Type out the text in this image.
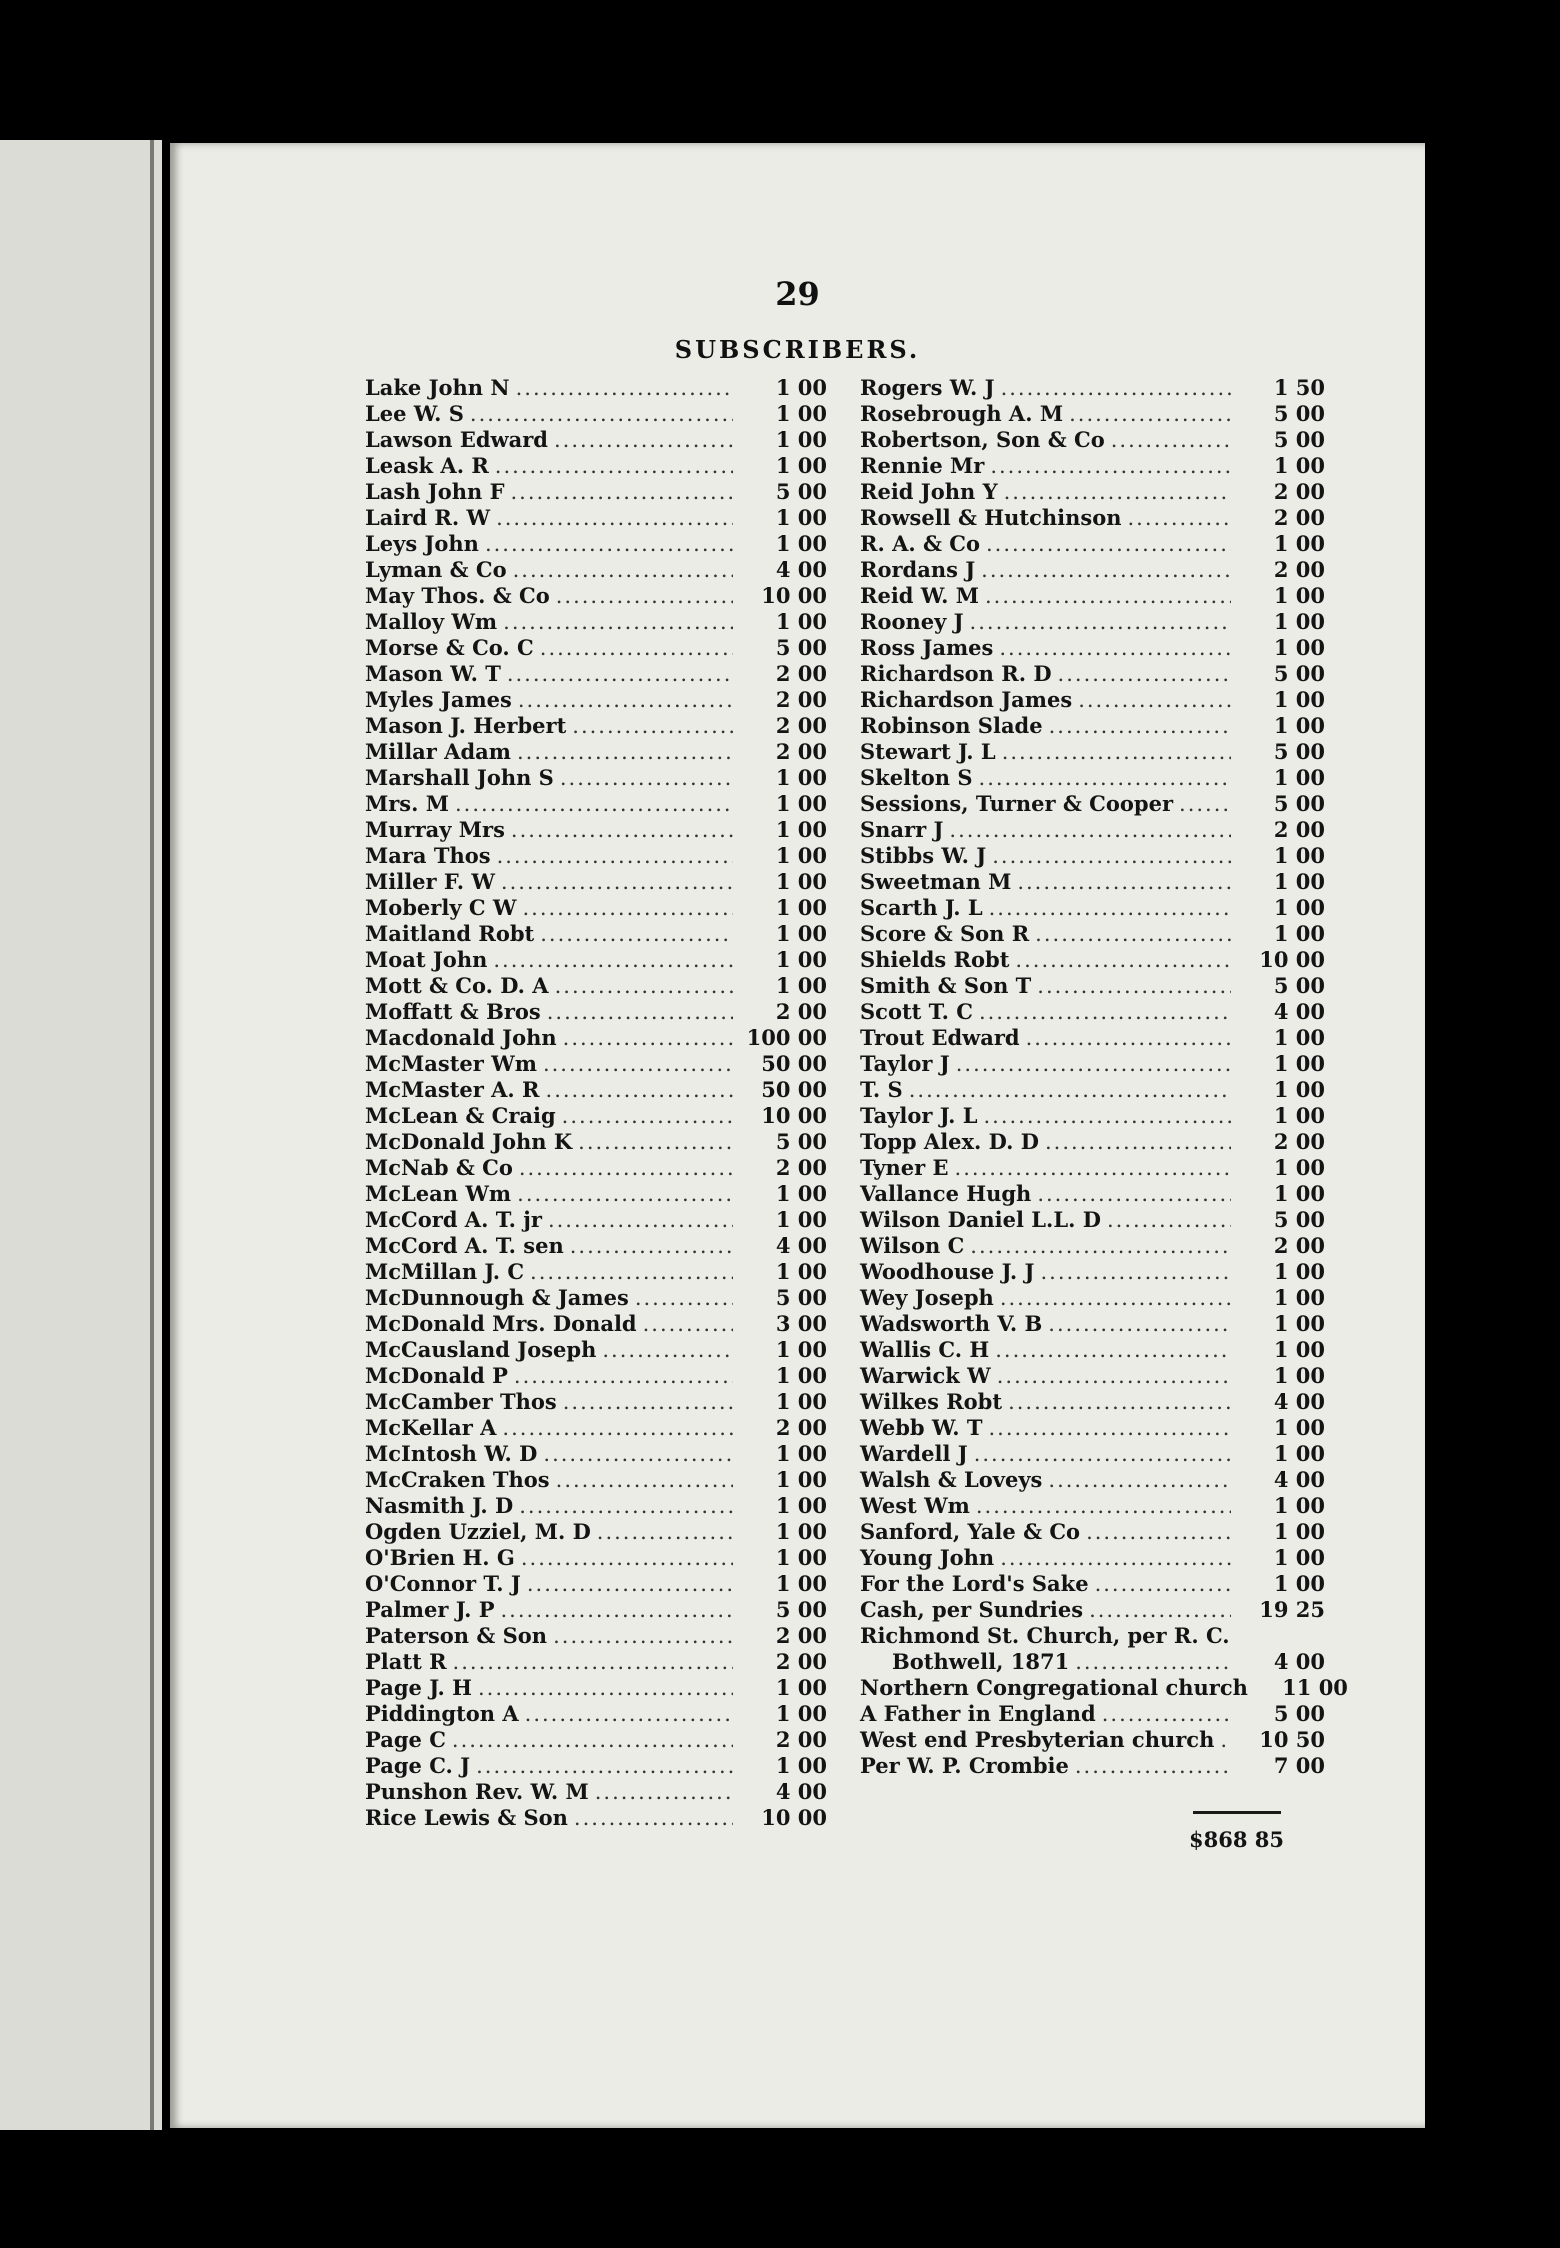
29
SUBSCRIBERS.
Lake John N .....	1 00
Lee W. S .....	1 00
Lawson Edward .....	1 00
Leask A. R .....	1 00
Lash John F .....	5 00
Laird R. W .....	1 00
Leys John .....	1 00
Lyman & Co .....	4 00
May Thos. & Co .....	10 00
Malloy Wm .....	1 00
Morse & Co. C .....	5 00
Mason W. T .....	2 00
Myles James .....	2 00
Mason J. Herbert .....	2 00
Millar Adam .....	2 00
Marshall John S .....	1 00
Mrs. M .....	1 00
Murray Mrs .....	1 00
Mara Thos .....	1 00
Miller F. W .....	1 00
Moberly C W .....	1 00
Maitland Robt .....	1 00
Moat John .....	1 00
Mott & Co. D. A .....	1 00
Moffatt & Bros .....	2 00
Macdonald John .....	100 00
McMaster Wm .....	50 00
McMaster A. R .....	50 00
McLean & Craig .....	10 00
McDonald John K .....	5 00
McNab & Co .....	2 00
McLean Wm .....	1 00
McCord A. T. jr .....	1 00
McCord A. T. sen .....	4 00
McMillan J. C .....	1 00
McDunnough & James .....	5 00
McDonald Mrs. Donald .....	3 00
McCausland Joseph .....	1 00
McDonald P .....	1 00
McCamber Thos .....	1 00
McKellar A .....	2 00
McIntosh W. D .....	1 00
McCraken Thos .....	1 00
Nasmith J. D .....	1 00
Ogden Uzziel, M. D .....	1 00
O'Brien H. G .....	1 00
O'Connor T. J .....	1 00
Palmer J. P .....	5 00
Paterson & Son .....	2 00
Platt R .....	2 00
Page J. H .....	1 00
Piddington A .....	1 00
Page C .....	2 00
Page C. J .....	1 00
Punshon Rev. W. M .....	4 00
Rice Lewis & Son .....	10 00
Rogers W. J .....	1 50
Rosebrough A. M .....	5 00
Robertson, Son & Co .....	5 00
Rennie Mr .....	1 00
Reid John Y .....	2 00
Rowsell & Hutchinson .....	2 00
R. A. & Co .....	1 00
Rordans J .....	2 00
Reid W. M .....	1 00
Rooney J .....	1 00
Ross James .....	1 00
Richardson R. D .....	5 00
Richardson James .....	1 00
Robinson Slade .....	1 00
Stewart J. L .....	5 00
Skelton S .....	1 00
Sessions, Turner & Cooper .....	5 00
Snarr J .....	2 00
Stibbs W. J .....	1 00
Sweetman M .....	1 00
Scarth J. L .....	1 00
Score & Son R .....	1 00
Shields Robt .....	10 00
Smith & Son T .....	5 00
Scott T. C .....	4 00
Trout Edward .....	1 00
Taylor J .....	1 00
T. S .....	1 00
Taylor J. L .....	1 00
Topp Alex. D. D .....	2 00
Tyner E .....	1 00
Vallance Hugh .....	1 00
Wilson Daniel L.L. D .....	5 00
Wilson C .....	2 00
Woodhouse J. J .....	1 00
Wey Joseph .....	1 00
Wadsworth V. B .....	1 00
Wallis C. H .....	1 00
Warwick W .....	1 00
Wilkes Robt .....	4 00
Webb W. T .....	1 00
Wardell J .....	1 00
Walsh & Loveys .....	4 00
West Wm .....	1 00
Sanford, Yale & Co .....	1 00
Young John .....	1 00
For the Lord's Sake .....	1 00
Cash, per Sundries .....	19 25
Richmond St. Church, per R. C.
Bothwell, 1871 .....	4 00
Northern Congregational church	11 00
A Father in England .....	5 00
West end Presbyterian church .....	10 50
Per W. P. Crombie .....	7 00
$868 85
